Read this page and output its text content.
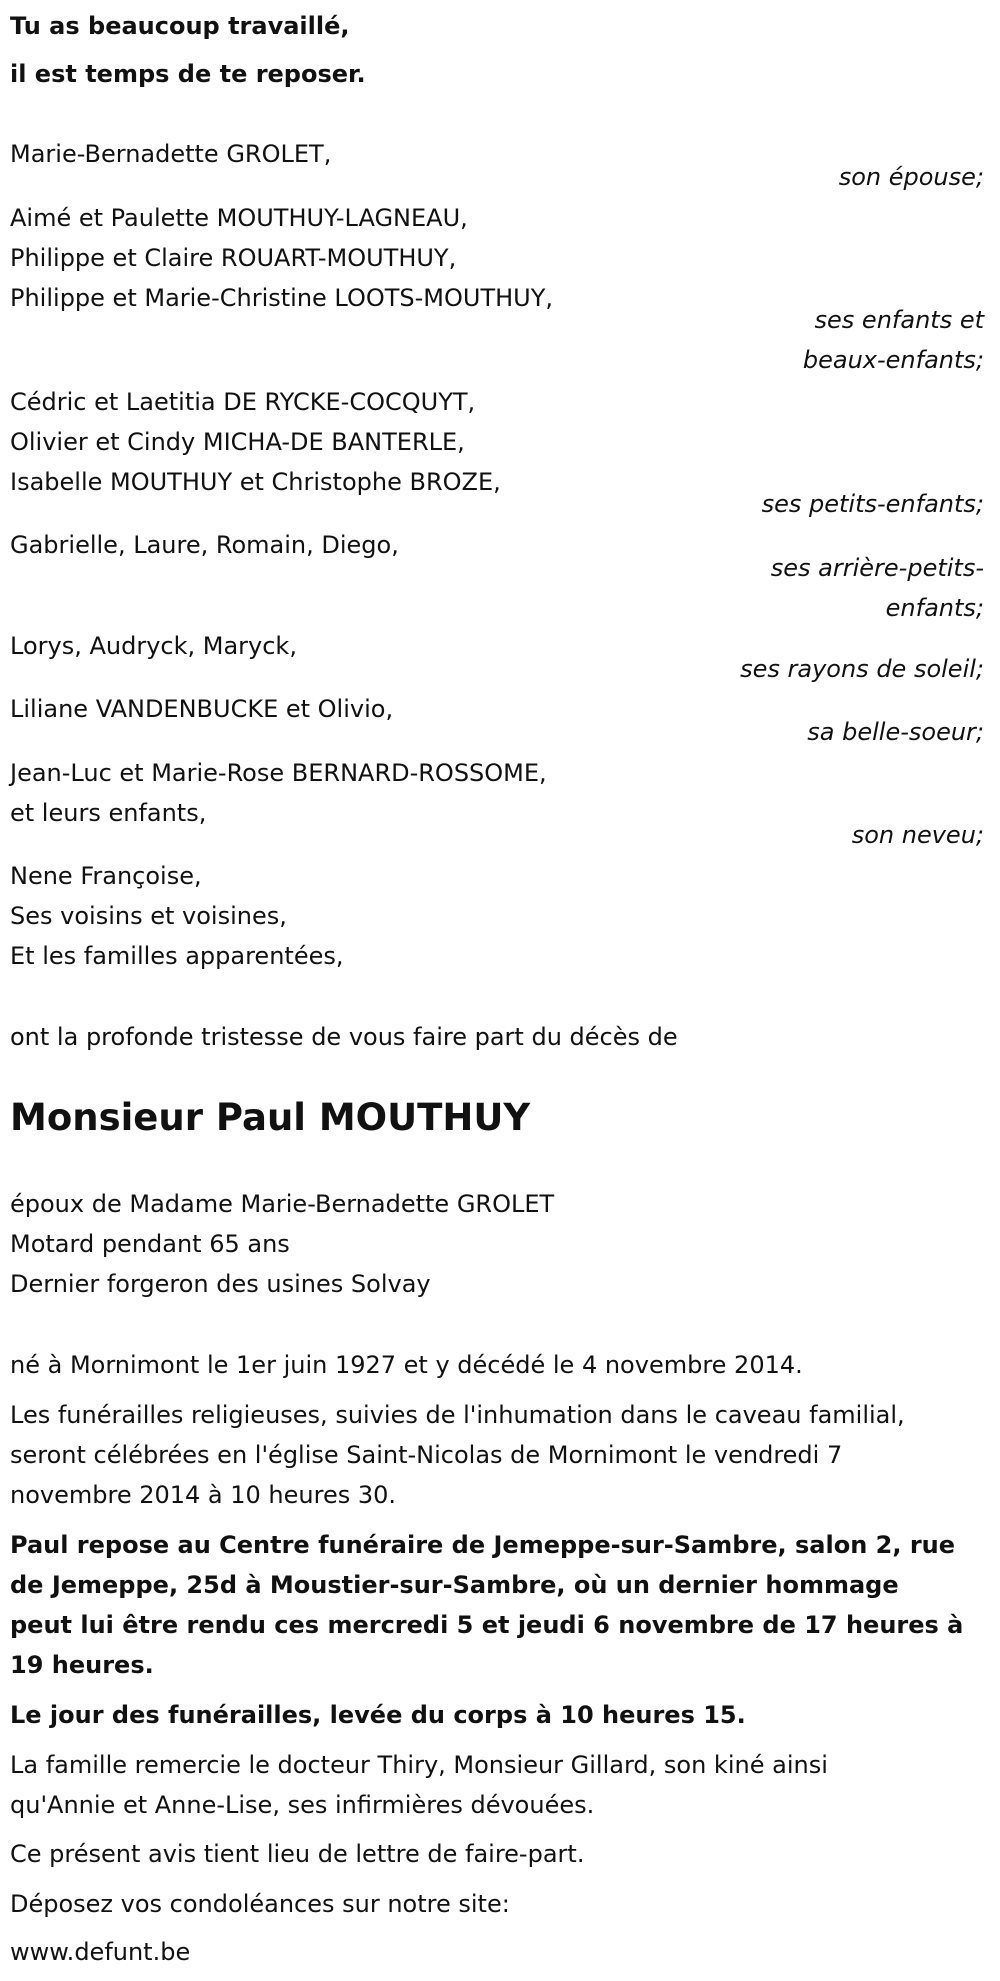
Tu as beaucoup travaillé,

il est temps de te reposer.

Marie-Bernadette GROLET,

son épouse;

Aimé et Paulette MOUTHUY-LAGNEAU,

Philippe et Claire ROUART-MOUTHUY,

Philippe et Marie-Christine LOOTS-MOUTHUY,

ses enfants et

beaux-enfants;

Cédric et Laetitia DE RYCKE-COCQUYT,

Olivier et Cindy MICHA-DE BANTERLE,

Isabelle MOUTHUY et Christophe BROZE,

ses petits-enfants;

Gabrielle, Laure, Romain, Diego,

ses arrière-petits-

enfants;

Lorys, Audryck, Maryck,

ses rayons de soleil;

Liliane VANDENBUCKE et Olivio,

sa belle-soeur;

Jean-Luc et Marie-Rose BERNARD-ROSSOME,

et leurs enfants,

son neveu;

Nene Françoise,

Ses voisins et voisines,

Et les familles apparentées,

ont la profonde tristesse de vous faire part du décès de

Monsieur Paul MOUTHUY

époux de Madame Marie-Bernadette GROLET

Motard pendant 65 ans

Dernier forgeron des usines Solvay

né à Mornimont le 1er juin 1927 et y décédé le 4 novembre 2014.

Les funérailles religieuses, suivies de l'inhumation dans le caveau familial,

seront célébrées en l'église Saint-Nicolas de Mornimont le vendredi 7

novembre 2014 à 10 heures 30.

Paul repose au Centre funéraire de Jemeppe-sur-Sambre, salon 2, rue

de Jemeppe, 25d à Moustier-sur-Sambre, où un dernier hommage

peut lui être rendu ces mercredi 5 et jeudi 6 novembre de 17 heures à

19 heures.

Le jour des funérailles, levée du corps à 10 heures 15.

La famille remercie le docteur Thiry, Monsieur Gillard, son kiné ainsi

qu'Annie et Anne-Lise, ses infirmières dévouées.

Ce présent avis tient lieu de lettre de faire-part.

Déposez vos condoléances sur notre site:

www.defunt.be
